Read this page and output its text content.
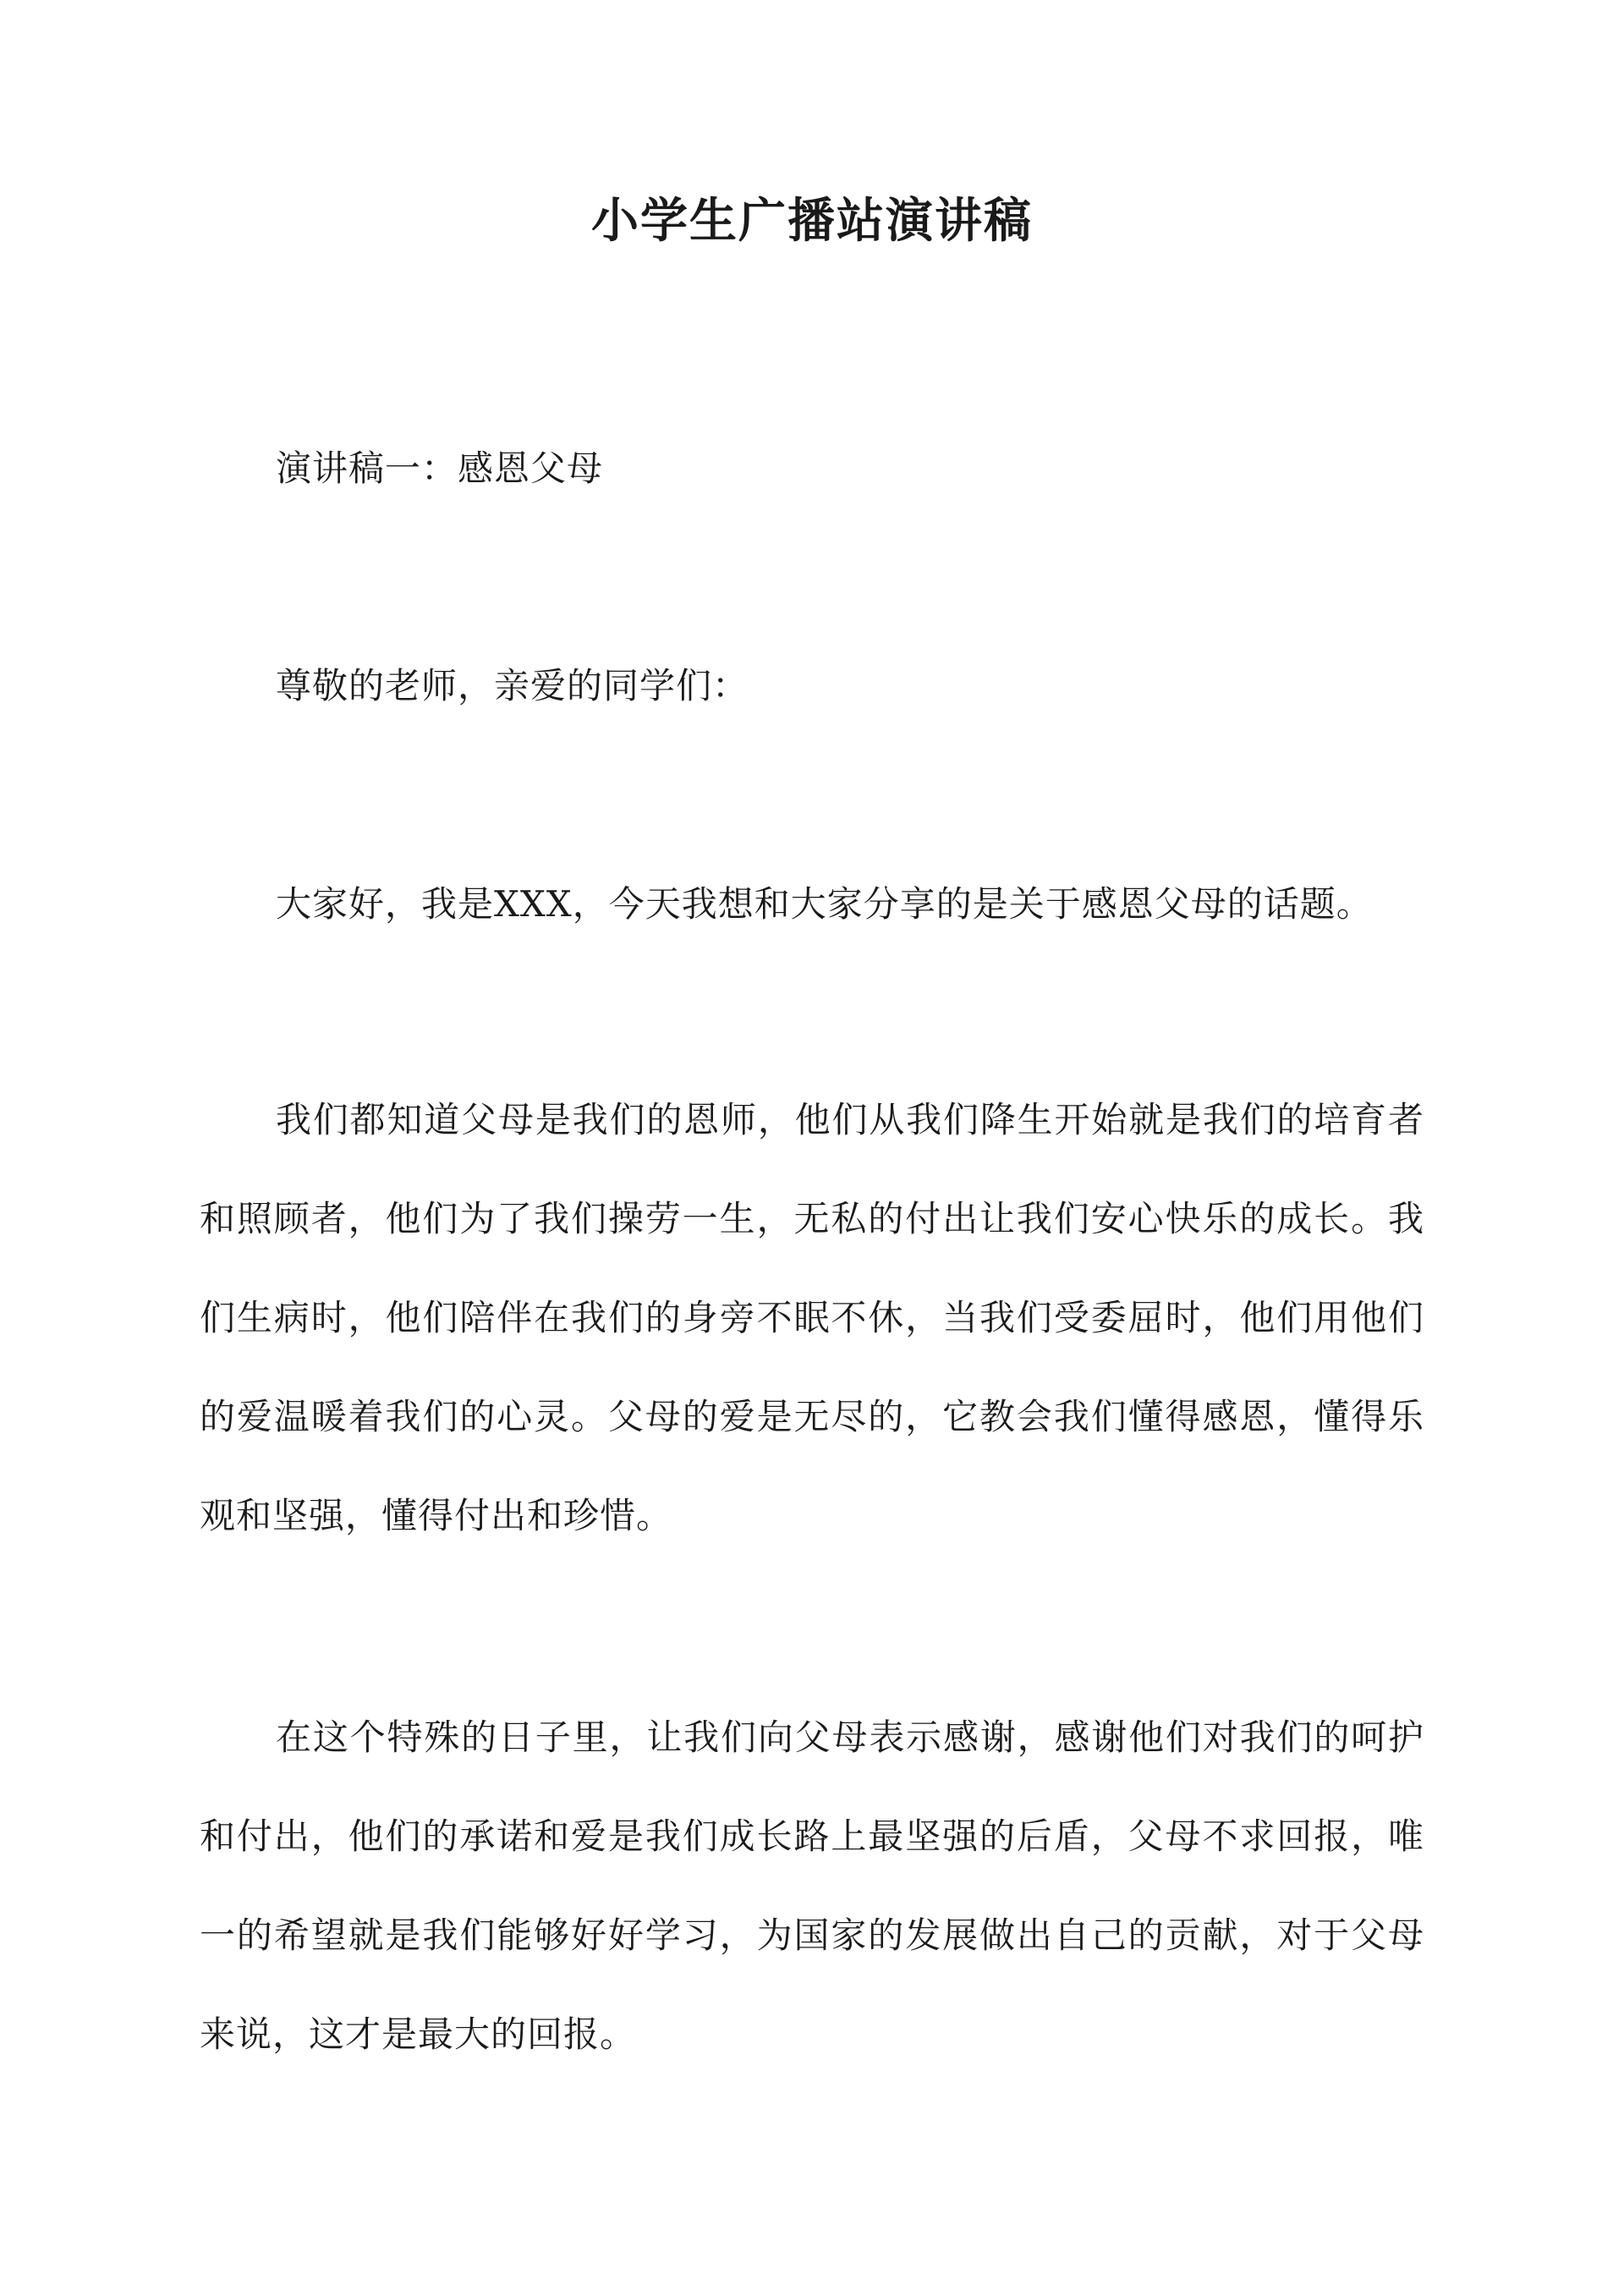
小学生广播站演讲稿

演讲稿一：感恩父母

尊敬的老师，亲爱的同学们：

大家好，我是XXX，今天我想和大家分享的是关于感恩父母的话题。

我们都知道父母是我们的恩师，他们从我们降生开始就是我们的培育者和照顾者，他们为了我们操劳一生，无私的付出让我们安心快乐的成长。我们生病时，他们陪伴在我们的身旁不眠不休，当我们受委屈时，他们用他们的爱温暖着我们的心灵。父母的爱是无尽的，它教会我们懂得感恩，懂得乐观和坚强，懂得付出和珍惜。

在这个特殊的日子里，让我们向父母表示感谢，感谢他们对我们的呵护和付出，他们的承诺和爱是我们成长路上最坚强的后盾，父母不求回报，唯一的希望就是我们能够好好学习，为国家的发展做出自己的贡献，对于父母来说，这才是最大的回报。
